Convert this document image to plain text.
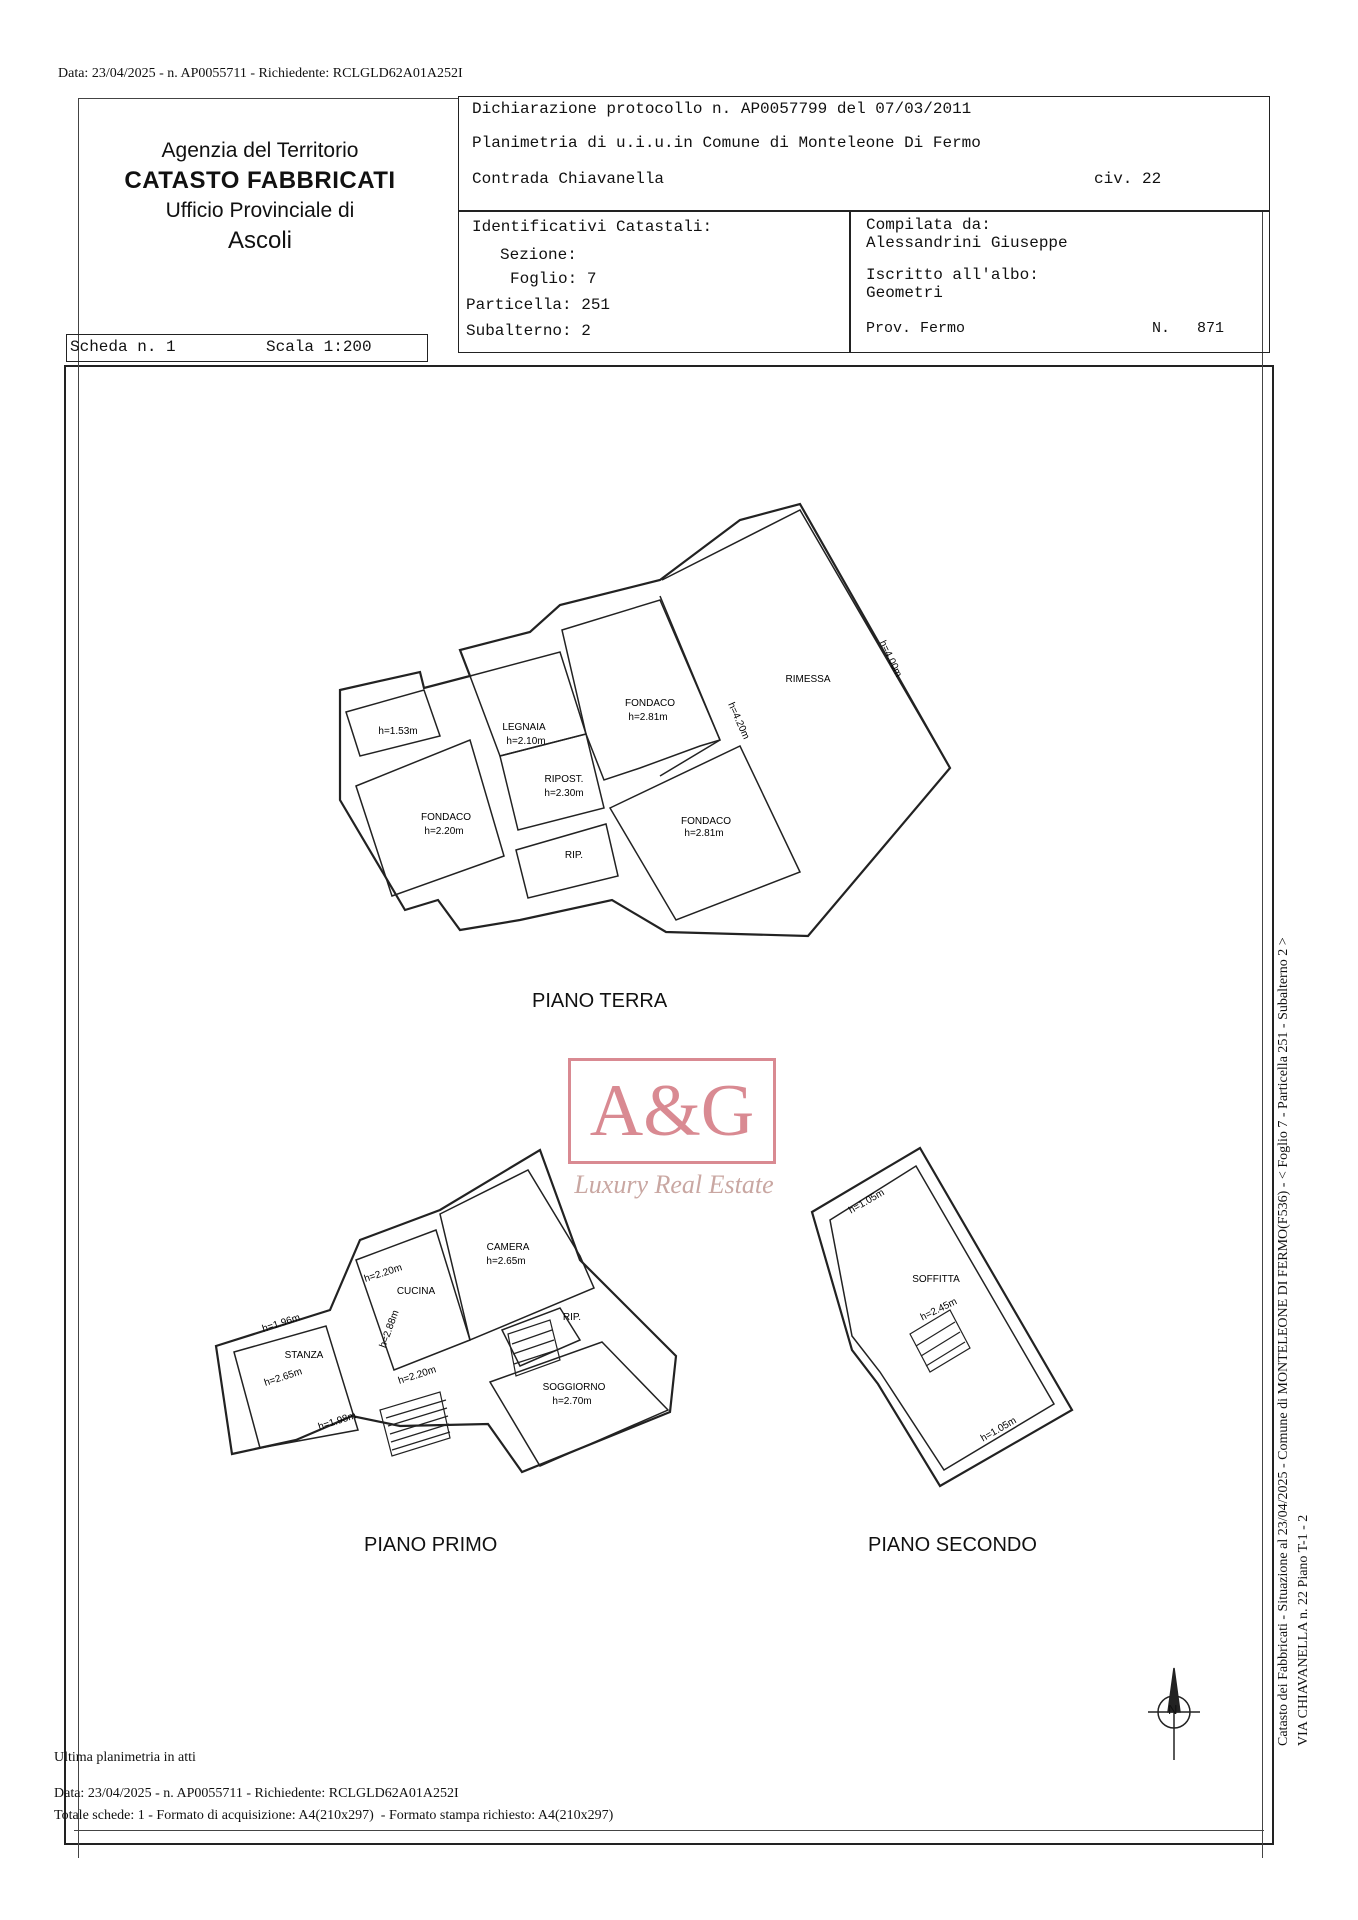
Data: 23/04/2025 - n. AP0055711 - Richiedente: RCLGLD62A01A252I
Agenzia del Territorio
CATASTO FABBRICATI
Ufficio Provinciale di
Ascoli
Dichiarazione protocollo n. AP0057799 del 07/03/2011
Planimetria di u.i.u.in Comune di Monteleone Di Fermo
Contrada Chiavanella	civ. 22
Identificativi Catastali:
Sezione:
Foglio: 7
Particella: 251
Subalterno: 2
Compilata da:
Alessandrini Giuseppe
Iscritto all'albo:
Geometri
Prov. Fermo	N.   871
Scheda n. 1	Scala 1:200
RIMESSA
h=4.00m
FONDACO
h=2.81m	h=4.20m
LEGNAIA
h=2.10m
RIPOST.
h=2.30m
h=1.53m
FONDACO
h=2.20m
FONDACO
h=2.81m
RIP.
CAMERA
h=2.65m
CUCINA
h=2.88m
h=2.20m
h=2.20m
STANZA
h=2.65m
h=1.96m
h=1.98m
RIP.
SOGGIORNO
h=2.70m
SOFFITTA
h=2.45m
h=1.05m
h=1.05m
PIANO TERRA
PIANO PRIMO	PIANO SECONDO
N
A&G
Luxury Real Estate
Ultima planimetria in atti
Data: 23/04/2025 - n. AP0055711 - Richiedente: RCLGLD62A01A252I
Totale schede: 1 - Formato di acquisizione: A4(210x297)  - Formato stampa richiesto: A4(210x297)
Catasto dei Fabbricati - Situazione al 23/04/2025 - Comune di MONTELEONE DI FERMO(F536) - < Foglio 7 - Particella 251 - Subalterno 2 > VIA CHIAVANELLA n. 22 Piano T-1 - 2
